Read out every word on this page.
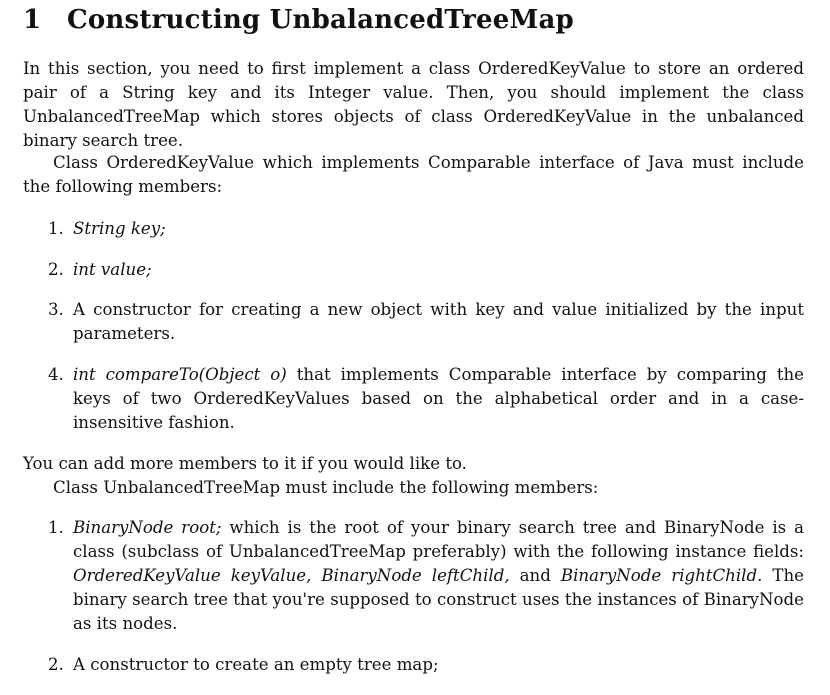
1 Constructing UnbalancedTreeMap

In this section, you need to first implement a class OrderedKeyValue to store an ordered pair of a String key and its Integer value. Then, you should implement the class UnbalancedTreeMap which stores objects of class OrderedKeyValue in the unbalanced binary search tree.

Class OrderedKeyValue which implements Comparable interface of Java must include the following members:

1. String key;
2. int value;
3. A constructor for creating a new object with key and value initialized by the input parameters.
4. int compareTo(Object o) that implements Comparable interface by comparing the keys of two OrderedKeyValues based on the alphabetical order and in a case-insensitive fashion.

You can add more members to it if you would like to.

Class UnbalancedTreeMap must include the following members:

1. BinaryNode root; which is the root of your binary search tree and BinaryNode is a class (subclass of UnbalancedTreeMap preferably) with the following instance fields: OrderedKeyValue keyValue, BinaryNode leftChild, and BinaryNode rightChild. The binary search tree that you're supposed to construct uses the instances of BinaryNode as its nodes.
2. A constructor to create an empty tree map;
